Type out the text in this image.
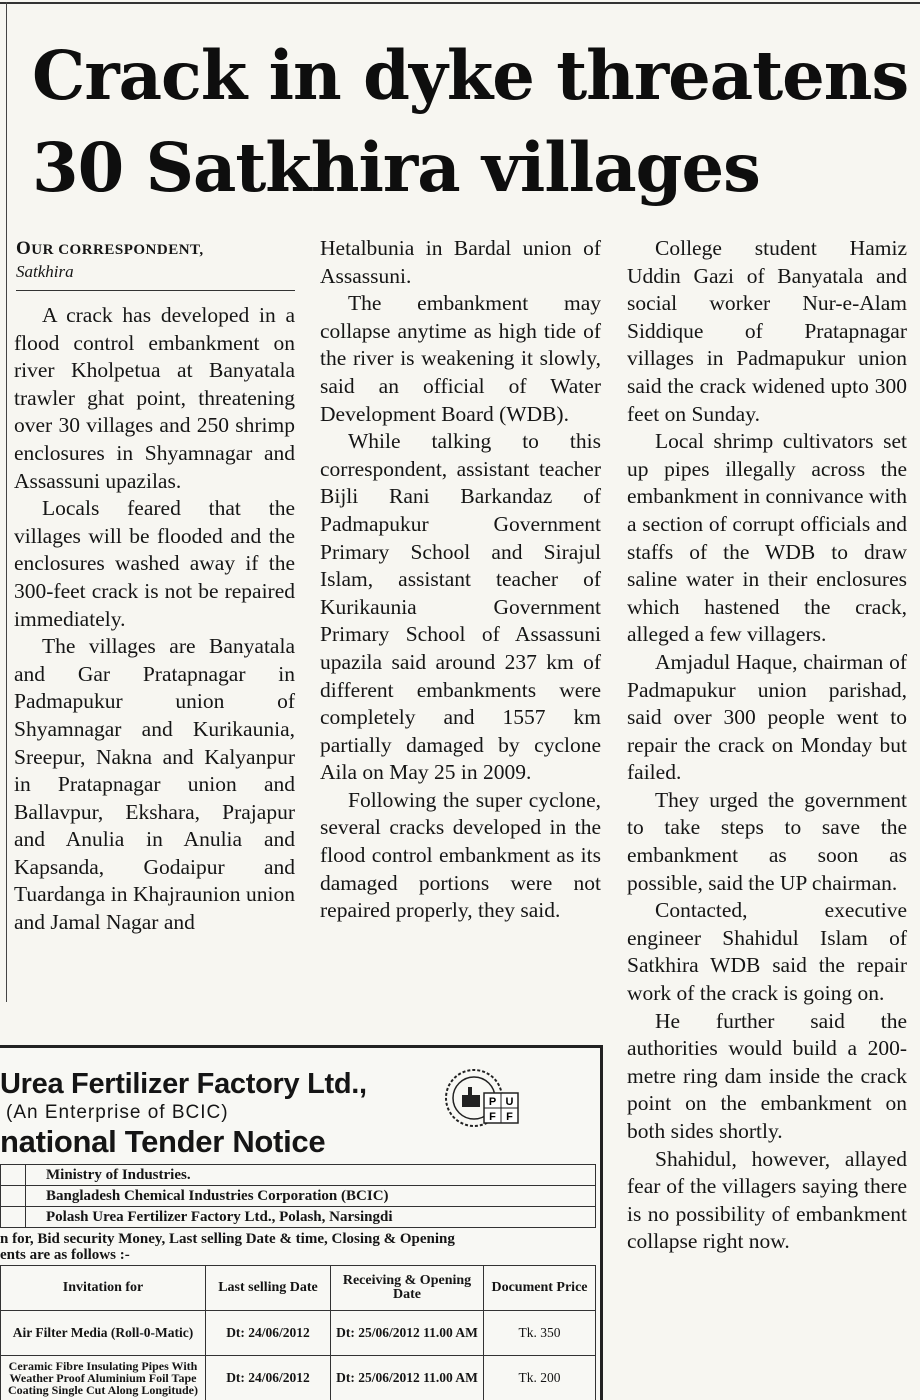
Crack in dyke threatens
30 Satkhira villages
OUR CORRESPONDENT,
Satkhira

A crack has developed in a flood control embankment on river Kholpetua at Banyatala trawler ghat point, threatening over 30 villages and 250 shrimp enclosures in Shyamnagar and Assassuni upazilas.

Locals feared that the villages will be flooded and the enclosures washed away if the 300-feet crack is not be repaired immediately.

The villages are Banyatala and Gar Pratapnagar in Padmapukur union of Shyamnagar and Kurikaunia, Sreepur, Nakna and Kalyanpur in Pratapnagar union and Ballavpur, Ekshara, Prajapur and Anulia in Anulia and Kapsanda, Godaipur and Tuardanga in Khajraunion union and Jamal Nagar and

Hetalbunia in Bardal union of Assassuni.

The embankment may collapse anytime as high tide of the river is weakening it slowly, said an official of Water Development Board (WDB).

While talking to this correspondent, assistant teacher Bijli Rani Barkandaz of Padmapukur Government Primary School and Sirajul Islam, assistant teacher of Kurikaunia Government Primary School of Assassuni upazila said around 237 km of different embankments were completely and 1557 km partially damaged by cyclone Aila on May 25 in 2009.

Following the super cyclone, several cracks developed in the flood control embankment as its damaged portions were not repaired properly, they said.

College student Hamiz Uddin Gazi of Banyatala and social worker Nur-e-Alam Siddique of Pratapnagar villages in Padmapukur union said the crack widened upto 300 feet on Sunday.

Local shrimp cultivators set up pipes illegally across the embankment in connivance with a section of corrupt officials and staffs of the WDB to draw saline water in their enclosures which hastened the crack, alleged a few villagers.

Amjadul Haque, chairman of Padmapukur union parishad, said over 300 people went to repair the crack on Monday but failed.

They urged the government to take steps to save the embankment as soon as possible, said the UP chairman.

Contacted, executive engineer Shahidul Islam of Satkhira WDB said the repair work of the crack is going on.

He further said the authorities would build a 200-metre ring dam inside the crack point on the embankment on both sides shortly.

Shahidul, however, allayed fear of the villagers saying there is no possibility of embankment collapse right now.

Urea Fertilizer Factory Ltd.,
(An Enterprise of BCIC)
national Tender Notice
P U
F F
	Ministry of Industries.
	Bangladesh Chemical Industries Corporation (BCIC)
	Polash Urea Fertilizer Factory Ltd., Polash, Narsingdi
n for, Bid security Money, Last selling Date & time, Closing & Opening
ents are as follows :-
Invitation for	Last selling Date	Receiving & Opening Date	Document Price
Air Filter Media (Roll-0-Matic)	Dt: 24/06/2012	Dt: 25/06/2012 11.00 AM	Tk. 350
Ceramic Fibre Insulating Pipes With Weather Proof Aluminium Foil Tape Coating Single Cut Along Longitude)	Dt: 24/06/2012	Dt: 25/06/2012 11.00 AM	Tk. 200
